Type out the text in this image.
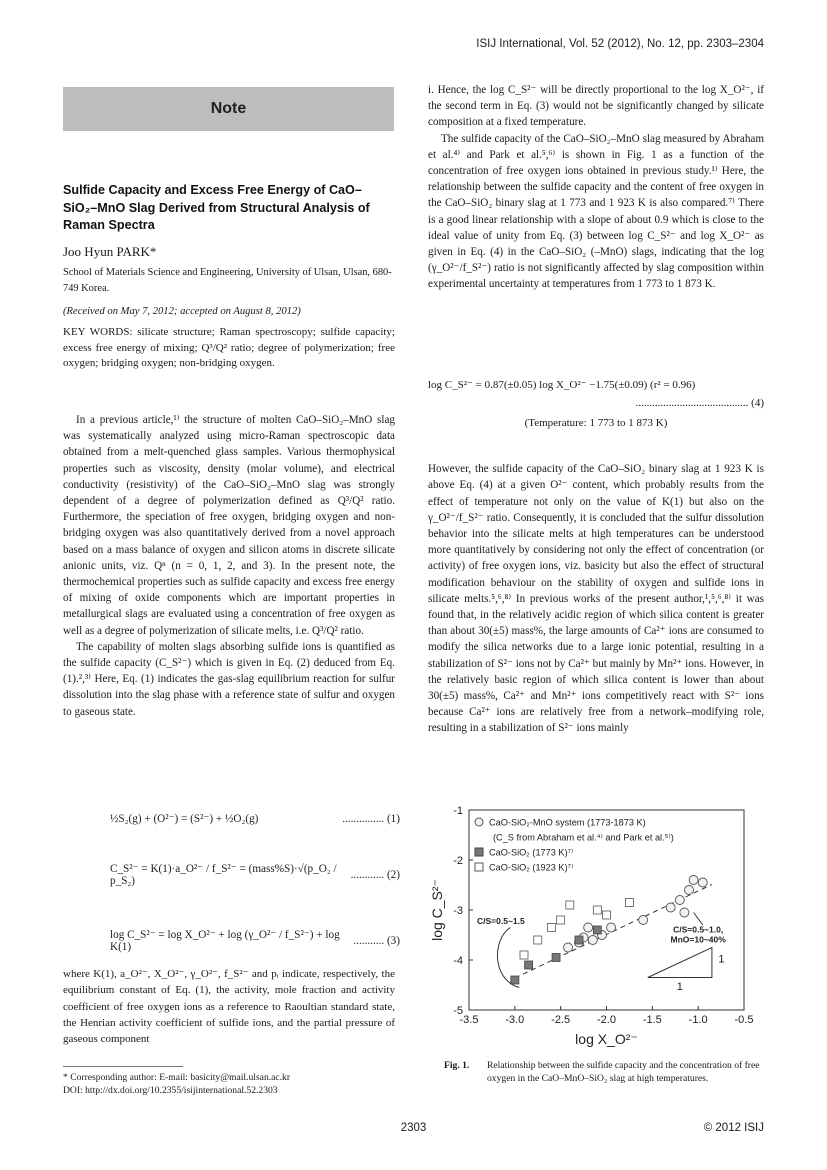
ISIJ International, Vol. 52 (2012), No. 12, pp. 2303–2304
Note
Sulfide Capacity and Excess Free Energy of CaO–SiO₂–MnO Slag Derived from Structural Analysis of Raman Spectra
Joo Hyun PARK*
School of Materials Science and Engineering, University of Ulsan, Ulsan, 680-749 Korea.
(Received on May 7, 2012; accepted on August 8, 2012)
KEY WORDS: silicate structure; Raman spectroscopy; sulfide capacity; excess free energy of mixing; Q³/Q² ratio; degree of polymerization; free oxygen; bridging oxygen; non-bridging oxygen.

In a previous article,¹⁾ the structure of molten CaO–SiO₂–MnO slag was systematically analyzed using micro-Raman spectroscopic data obtained from a melt-quenched glass samples. Various thermophysical properties such as viscosity, density (molar volume), and electrical conductivity (resistivity) of the CaO–SiO₂–MnO slag was strongly dependent of a degree of polymerization defined as Q³/Q² ratio. Furthermore, the speciation of free oxygen, bridging oxygen and non-bridging oxygen was also quantitatively derived from a novel approach based on a mass balance of oxygen and silicon atoms in discrete silicate anionic units, viz. Qⁿ (n = 0, 1, 2, and 3). In the present note, the thermochemical properties such as sulfide capacity and excess free energy of mixing of oxide components which are important properties in metallurgical slags are evaluated using a concentration of free oxygen as well as a degree of polymerization of silicate melts, i.e. Q³/Q² ratio.

The capability of molten slags absorbing sulfide ions is quantified as the sulfide capacity (C_S²⁻) which is given in Eq. (2) deduced from Eq. (1).²,³⁾ Here, Eq. (1) indicates the gas-slag equilibrium reaction for sulfur dissolution into the slag phase with a reference state of sulfur and oxygen to gaseous state.

½S₂(g) + (O²⁻) = (S²⁻) + ½O₂(g)	............... (1)
C_S²⁻ = K(1)·a_O²⁻ / f_S²⁻ = (mass%S)·√(p_O₂ / p_S₂)
............ (2)
log C_S²⁻ = log X_O²⁻ + log (γ_O²⁻ / f_S²⁻) + log K(1)
........... (3)
where K(1), a_O²⁻, X_O²⁻, γ_O²⁻, f_S²⁻ and pᵢ indicate, respectively, the equilibrium constant of Eq. (1), the activity, mole fraction and activity coefficient of free oxygen ions as a reference to Raoultian standard state, the Henrian activity coefficient of sulfide ions, and the partial pressure of gaseous component
* Corresponding author: E-mail: basicity@mail.ulsan.ac.kr
DOI: http://dx.doi.org/10.2355/isijinternational.52.2303

i. Hence, the log C_S²⁻ will be directly proportional to the log X_O²⁻, if the second term in Eq. (3) would not be significantly changed by silicate composition at a fixed temperature.

The sulfide capacity of the CaO–SiO₂–MnO slag measured by Abraham et al.⁴⁾ and Park et al.⁵,⁶⁾ is shown in Fig. 1 as a function of the concentration of free oxygen ions obtained in previous study.¹⁾ Here, the relationship between the sulfide capacity and the content of free oxygen in the CaO–SiO₂ binary slag at 1 773 and 1 923 K is also compared.⁷⁾ There is a good linear relationship with a slope of about 0.9 which is close to the ideal value of unity from Eq. (3) between log C_S²⁻ and log X_O²⁻ as given in Eq. (4) in the CaO–SiO₂ (–MnO) slags, indicating that the log (γ_O²⁻/f_S²⁻) ratio is not significantly affected by slag composition within experimental uncertainty at temperatures from 1 773 to 1 873 K.

log C_S²⁻ = 0.87(±0.05) log X_O²⁻ −1.75(±0.09) (r² = 0.96)
......................................... (4)
(Temperature: 1 773 to 1 873 K)

However, the sulfide capacity of the CaO–SiO₂ binary slag at 1 923 K is above Eq. (4) at a given O²⁻ content, which probably results from the effect of temperature not only on the value of K(1) but also on the γ_O²⁻/f_S²⁻ ratio. Consequently, it is concluded that the sulfur dissolution behavior into the silicate melts at high temperatures can be understood more quantitatively by considering not only the effect of concentration (or activity) of free oxygen ions, viz. basicity but also the effect of structural modification behaviour on the stability of oxygen and sulfide ions in silicate melts.⁵,⁶,⁸⁾ In previous works of the present author,¹,⁵,⁶,⁸⁾ it was found that, in the relatively acidic region of which silica content is greater than about 30(±5) mass%, the large amounts of Ca²⁺ ions are consumed to modify the silica networks due to a large ionic potential, resulting in a stabilization of S²⁻ ions not by Ca²⁺ but mainly by Mn²⁺ ions. However, in the relatively basic region of which silica content is lower than about 30(±5) mass%, Ca²⁺ and Mn²⁺ ions competitively react with S²⁻ ions because Ca²⁺ ions are relatively free from a network–modifying role, resulting in a stabilization of S²⁻ ions mainly

-3.5 -3.0 -2.5 -2.0 -1.5 -1.0 -0.5
-1
-2
-3
-4
-5
log X_O²⁻
log C_S²⁻
CaO-SiO₂-MnO system (1773-1873 K)
(C_S from Abraham et al.⁴⁾ and Park et al.⁵⁾)
CaO-SiO₂ (1773 K)⁷⁾
CaO-SiO₂ (1923 K)⁷⁾
C/S=0.5~1.5
C/S=0.5~1.0,
MnO=10~40%
1
1
Fig. 1.	Relationship between the sulfide capacity and the concentration of free oxygen in the CaO–MnO–SiO₂ slag at high temperatures.
2303	© 2012 ISIJ
